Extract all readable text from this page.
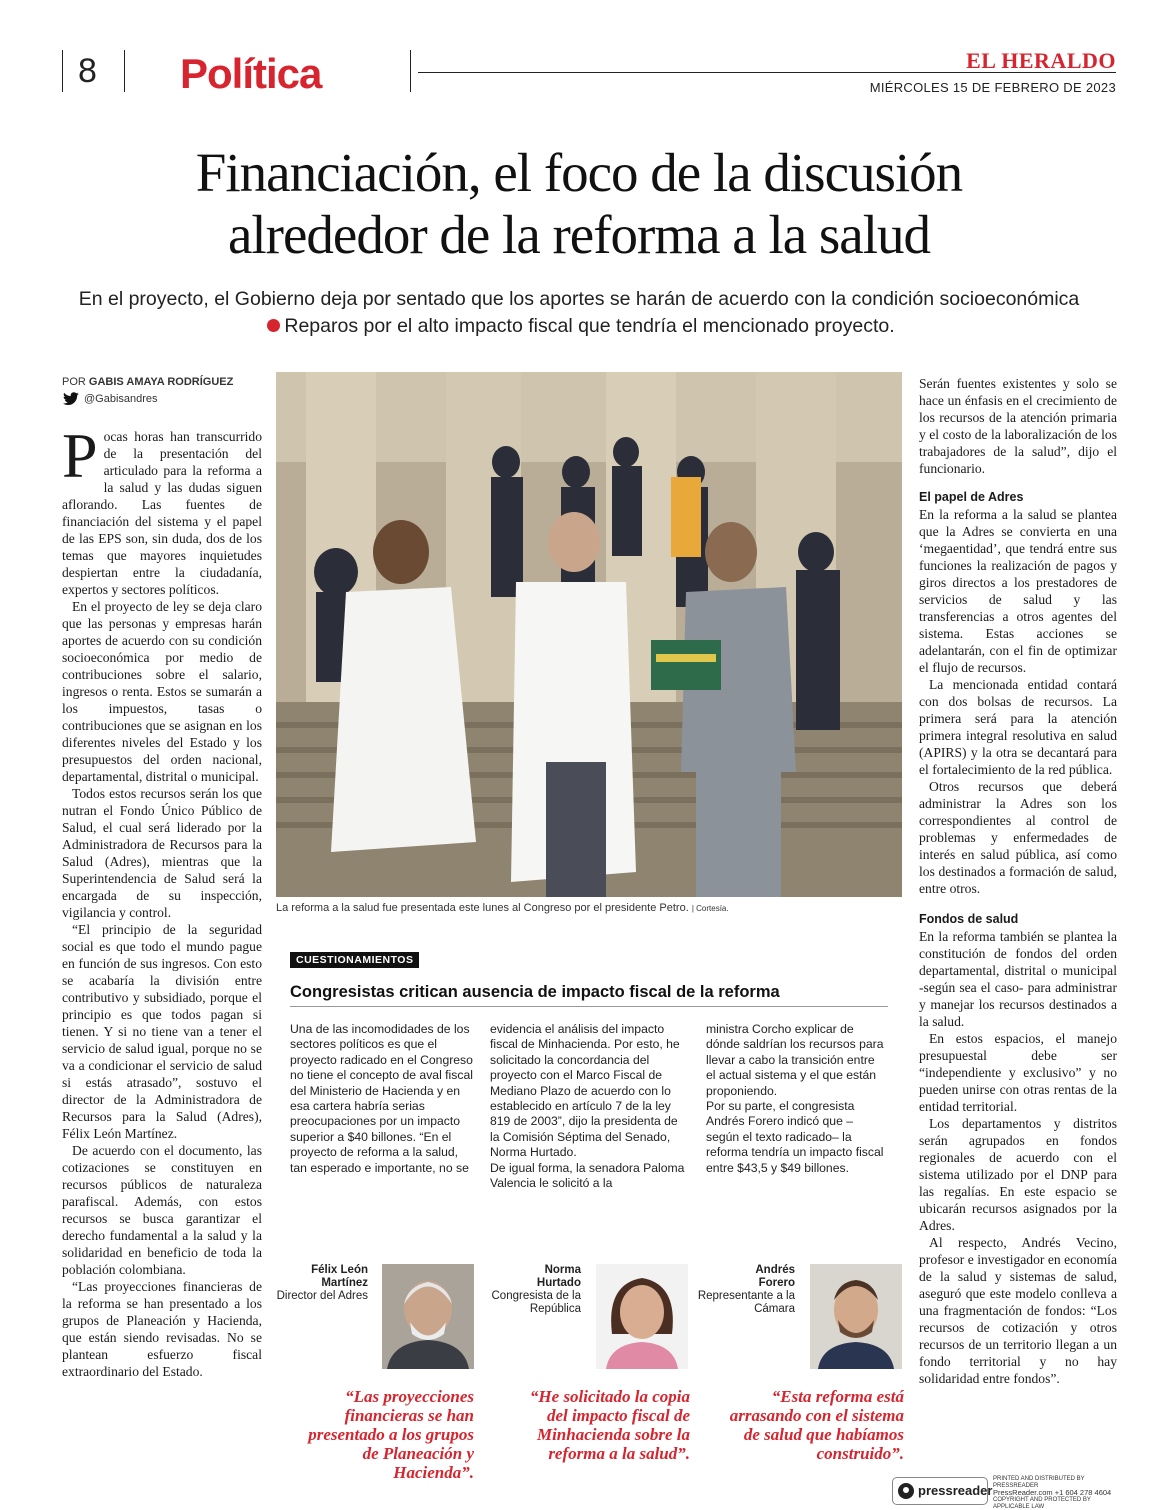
8 Política	EL HERALDO
MIÉRCOLES 15 DE FEBRERO DE 2023
Financiación, el foco de la discusión
alrededor de la reforma a la salud
En el proyecto, el Gobierno deja por sentado que los aportes se harán de acuerdo con la condición socioeconómicaReparos por el alto impacto fiscal que tendría el mencionado proyecto.
POR GABIS AMAYA RODRÍGUEZ
@Gabisandres

Pocas horas han transcurrido de la presentación del articulado para la reforma a la salud y las dudas siguen aflorando. Las fuentes de financiación del sistema y el papel de las EPS son, sin duda, dos de los temas que mayores inquietudes despiertan entre la ciudadanía, expertos y sectores políticos.

En el proyecto de ley se deja claro que las personas y empresas harán aportes de acuerdo con su condición socioeconómica por medio de contribuciones sobre el salario, ingresos o renta. Estos se sumarán a los impuestos, tasas o contribuciones que se asignan en los diferentes niveles del Estado y los presupuestos del orden nacional, departamental, distrital o municipal.

Todos estos recursos serán los que nutran el Fondo Único Público de Salud, el cual será liderado por la Administradora de Recursos para la Salud (Adres), mientras que la Superintendencia de Salud será la encargada de su inspección, vigilancia y control.

“El principio de la seguridad social es que todo el mundo pague en función de sus ingresos. Con esto se acabaría la división entre contributivo y subsidiado, porque el principio es que todos pagan si tienen. Y si no tiene van a tener el servicio de salud igual, porque no se va a condicionar el servicio de salud si estás atrasado”, sostuvo el director de la Administradora de Recursos para la Salud (Adres), Félix León Martínez.

De acuerdo con el documento, las cotizaciones se constituyen en recursos públicos de naturaleza parafiscal. Además, con estos recursos se busca garantizar el derecho fundamental a la salud y la solidaridad en beneficio de toda la población colombiana.

“Las proyecciones financieras de la reforma se han presentado a los grupos de Planeación y Hacienda, que están siendo revisadas. No se plantean esfuerzo fiscal extraordinario del Estado.

La reforma a la salud fue presentada este lunes al Congreso por el presidente Petro. | Cortesía.

Serán fuentes existentes y solo se hace un énfasis en el crecimiento de los recursos de la atención primaria y el costo de la laboralización de los trabajadores de la salud”, dijo el funcionario.

El papel de Adres

En la reforma a la salud se plantea que la Adres se convierta en una ‘megaentidad’, que tendrá entre sus funciones la realización de pagos y giros directos a los prestadores de servicios de salud y las transferencias a otros agentes del sistema. Estas acciones se adelantarán, con el fin de optimizar el flujo de recursos.

La mencionada entidad contará con dos bolsas de recursos. La primera será para la atención primera integral resolutiva en salud (APIRS) y la otra se decantará para el fortalecimiento de la red pública.

Otros recursos que deberá administrar la Adres son los correspondientes al control de problemas y enfermedades de interés en salud pública, así como los destinados a formación de salud, entre otros.

Fondos de salud

En la reforma también se plantea la constitución de fondos del orden departamental, distrital o municipal -según sea el caso- para administrar y manejar los recursos destinados a la salud.

En estos espacios, el manejo presupuestal debe ser “independiente y exclusivo” y no pueden unirse con otras rentas de la entidad territorial.

Los departamentos y distritos serán agrupados en fondos regionales de acuerdo con el sistema utilizado por el DNP para las regalías. En este espacio se ubicarán recursos asignados por la Adres.

Al respecto, Andrés Vecino, profesor e investigador en economía de la salud y sistemas de salud, aseguró que este modelo conlleva a una fragmentación de fondos: “Los recursos de cotización y otros recursos de un territorio llegan a un fondo territorial y no hay solidaridad entre fondos”.

CUESTIONAMIENTOS
Congresistas critican ausencia de impacto fiscal de la reforma

Una de las incomodidades de los sectores políticos es que el proyecto radicado en el Congreso no tiene el concepto de aval fiscal del Ministerio de Hacienda y en esa cartera habría serias preocupaciones por un impacto superior a $40 billones. “En el proyecto de reforma a la salud, tan esperado e importante, no se

evidencia el análisis del impacto fiscal de Minhacienda. Por esto, he solicitado la concordancia del proyecto con el Marco Fiscal de Mediano Plazo de acuerdo con lo establecido en artículo 7 de la ley 819 de 2003”, dijo la presidenta de la Comisión Séptima del Senado, Norma Hurtado.

De igual forma, la senadora Paloma Valencia le solicitó a la

ministra Corcho explicar de dónde saldrían los recursos para llevar a cabo la transición entre el actual sistema y el que están proponiendo.

Por su parte, el congresista Andrés Forero indicó que –según el texto radicado– la reforma tendría un impacto fiscal entre $43,5 y $49 billones.

Félix León
Martínez
Director del Adres
“Las proyecciones financieras se han presentado a los grupos de Planeación y Hacienda”.
Norma
Hurtado
Congresista de la República
“He solicitado la copia del impacto fiscal de Minhacienda sobre la reforma a la salud”.
Andrés
Forero
Representante a la Cámara
“Esta reforma está arrasando con el sistema de salud que habíamos construido”.
pressreader
PRINTED AND DISTRIBUTED BY PRESSREADER
PressReader.com +1 604 278 4604
COPYRIGHT AND PROTECTED BY APPLICABLE LAW
